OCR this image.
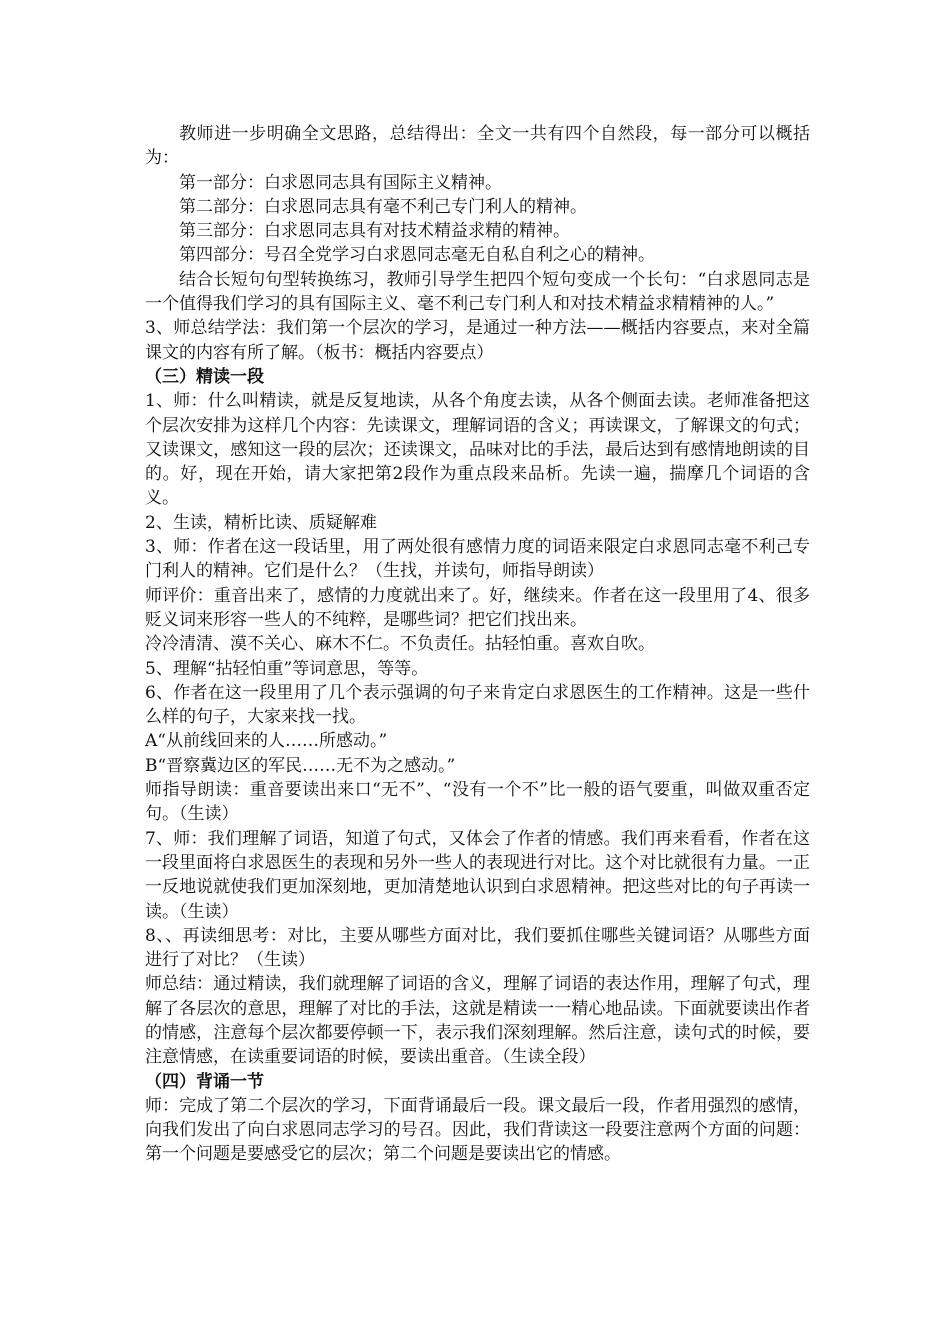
教师进一步明确全文思路，总结得出：全文一共有四个自然段，每一部分可以概括为：

第一部分：白求恩同志具有国际主义精神。

第二部分：白求恩同志具有毫不利己专门利人的精神。

第三部分：白求恩同志具有对技术精益求精的精神。

第四部分：号召全党学习白求恩同志毫无自私自利之心的精神。

结合长短句句型转换练习，教师引导学生把四个短句变成一个长句：“白求恩同志是一个值得我们学习的具有国际主义、毫不利己专门利人和对技术精益求精精神的人。”

3、师总结学法：我们第一个层次的学习，是通过一种方法——概括内容要点，来对全篇课文的内容有所了解。（板书：概括内容要点）

（三）精读一段

1、师：什么叫精读，就是反复地读，从各个角度去读，从各个侧面去读。老师准备把这个层次安排为这样几个内容：先读课文，理解词语的含义；再读课文，了解课文的句式；又读课文，感知这一段的层次；还读课文，品味对比的手法，最后达到有感情地朗读的目的。好，现在开始，请大家把第2段作为重点段来品析。先读一遍，揣摩几个词语的含义。

2、生读，精析比读、质疑解难

3、师：作者在这一段话里，用了两处很有感情力度的词语来限定白求恩同志毫不利己专门利人的精神。它们是什么？（生找，并读句，师指导朗读）

师评价：重音出来了，感情的力度就出来了。好，继续来。作者在这一段里用了4、很多贬义词来形容一些人的不纯粹，是哪些词？把它们找出来。

冷冷清清、漠不关心、麻木不仁。不负责任。拈轻怕重。喜欢自吹。

5、理解“拈轻怕重”等词意思，等等。

6、作者在这一段里用了几个表示强调的句子来肯定白求恩医生的工作精神。这是一些什么样的句子，大家来找一找。

A“从前线回来的人……所感动。”

B“晋察冀边区的军民……无不为之感动。”

师指导朗读：重音要读出来口“无不”、“没有一个不”比一般的语气要重，叫做双重否定句。（生读）

7、师：我们理解了词语，知道了句式，又体会了作者的情感。我们再来看看，作者在这一段里面将白求恩医生的表现和另外一些人的表现进行对比。这个对比就很有力量。一正一反地说就使我们更加深刻地，更加清楚地认识到白求恩精神。把这些对比的句子再读一读。（生读）

8、、再读细思考：对比，主要从哪些方面对比，我们要抓住哪些关键词语？从哪些方面进行了对比？（生读）

师总结：通过精读，我们就理解了词语的含义，理解了词语的表达作用，理解了句式，理解了各层次的意思，理解了对比的手法，这就是精读一一精心地品读。下面就要读出作者的情感，注意每个层次都要停顿一下，表示我们深刻理解。然后注意，读句式的时候，要注意情感，在读重要词语的时候，要读出重音。（生读全段）

（四）背诵一节

师：完成了第二个层次的学习，下面背诵最后一段。课文最后一段，作者用强烈的感情，向我们发出了向白求恩同志学习的号召。因此，我们背读这一段要注意两个方面的问题：第一个问题是要感受它的层次；第二个问题是要读出它的情感。
